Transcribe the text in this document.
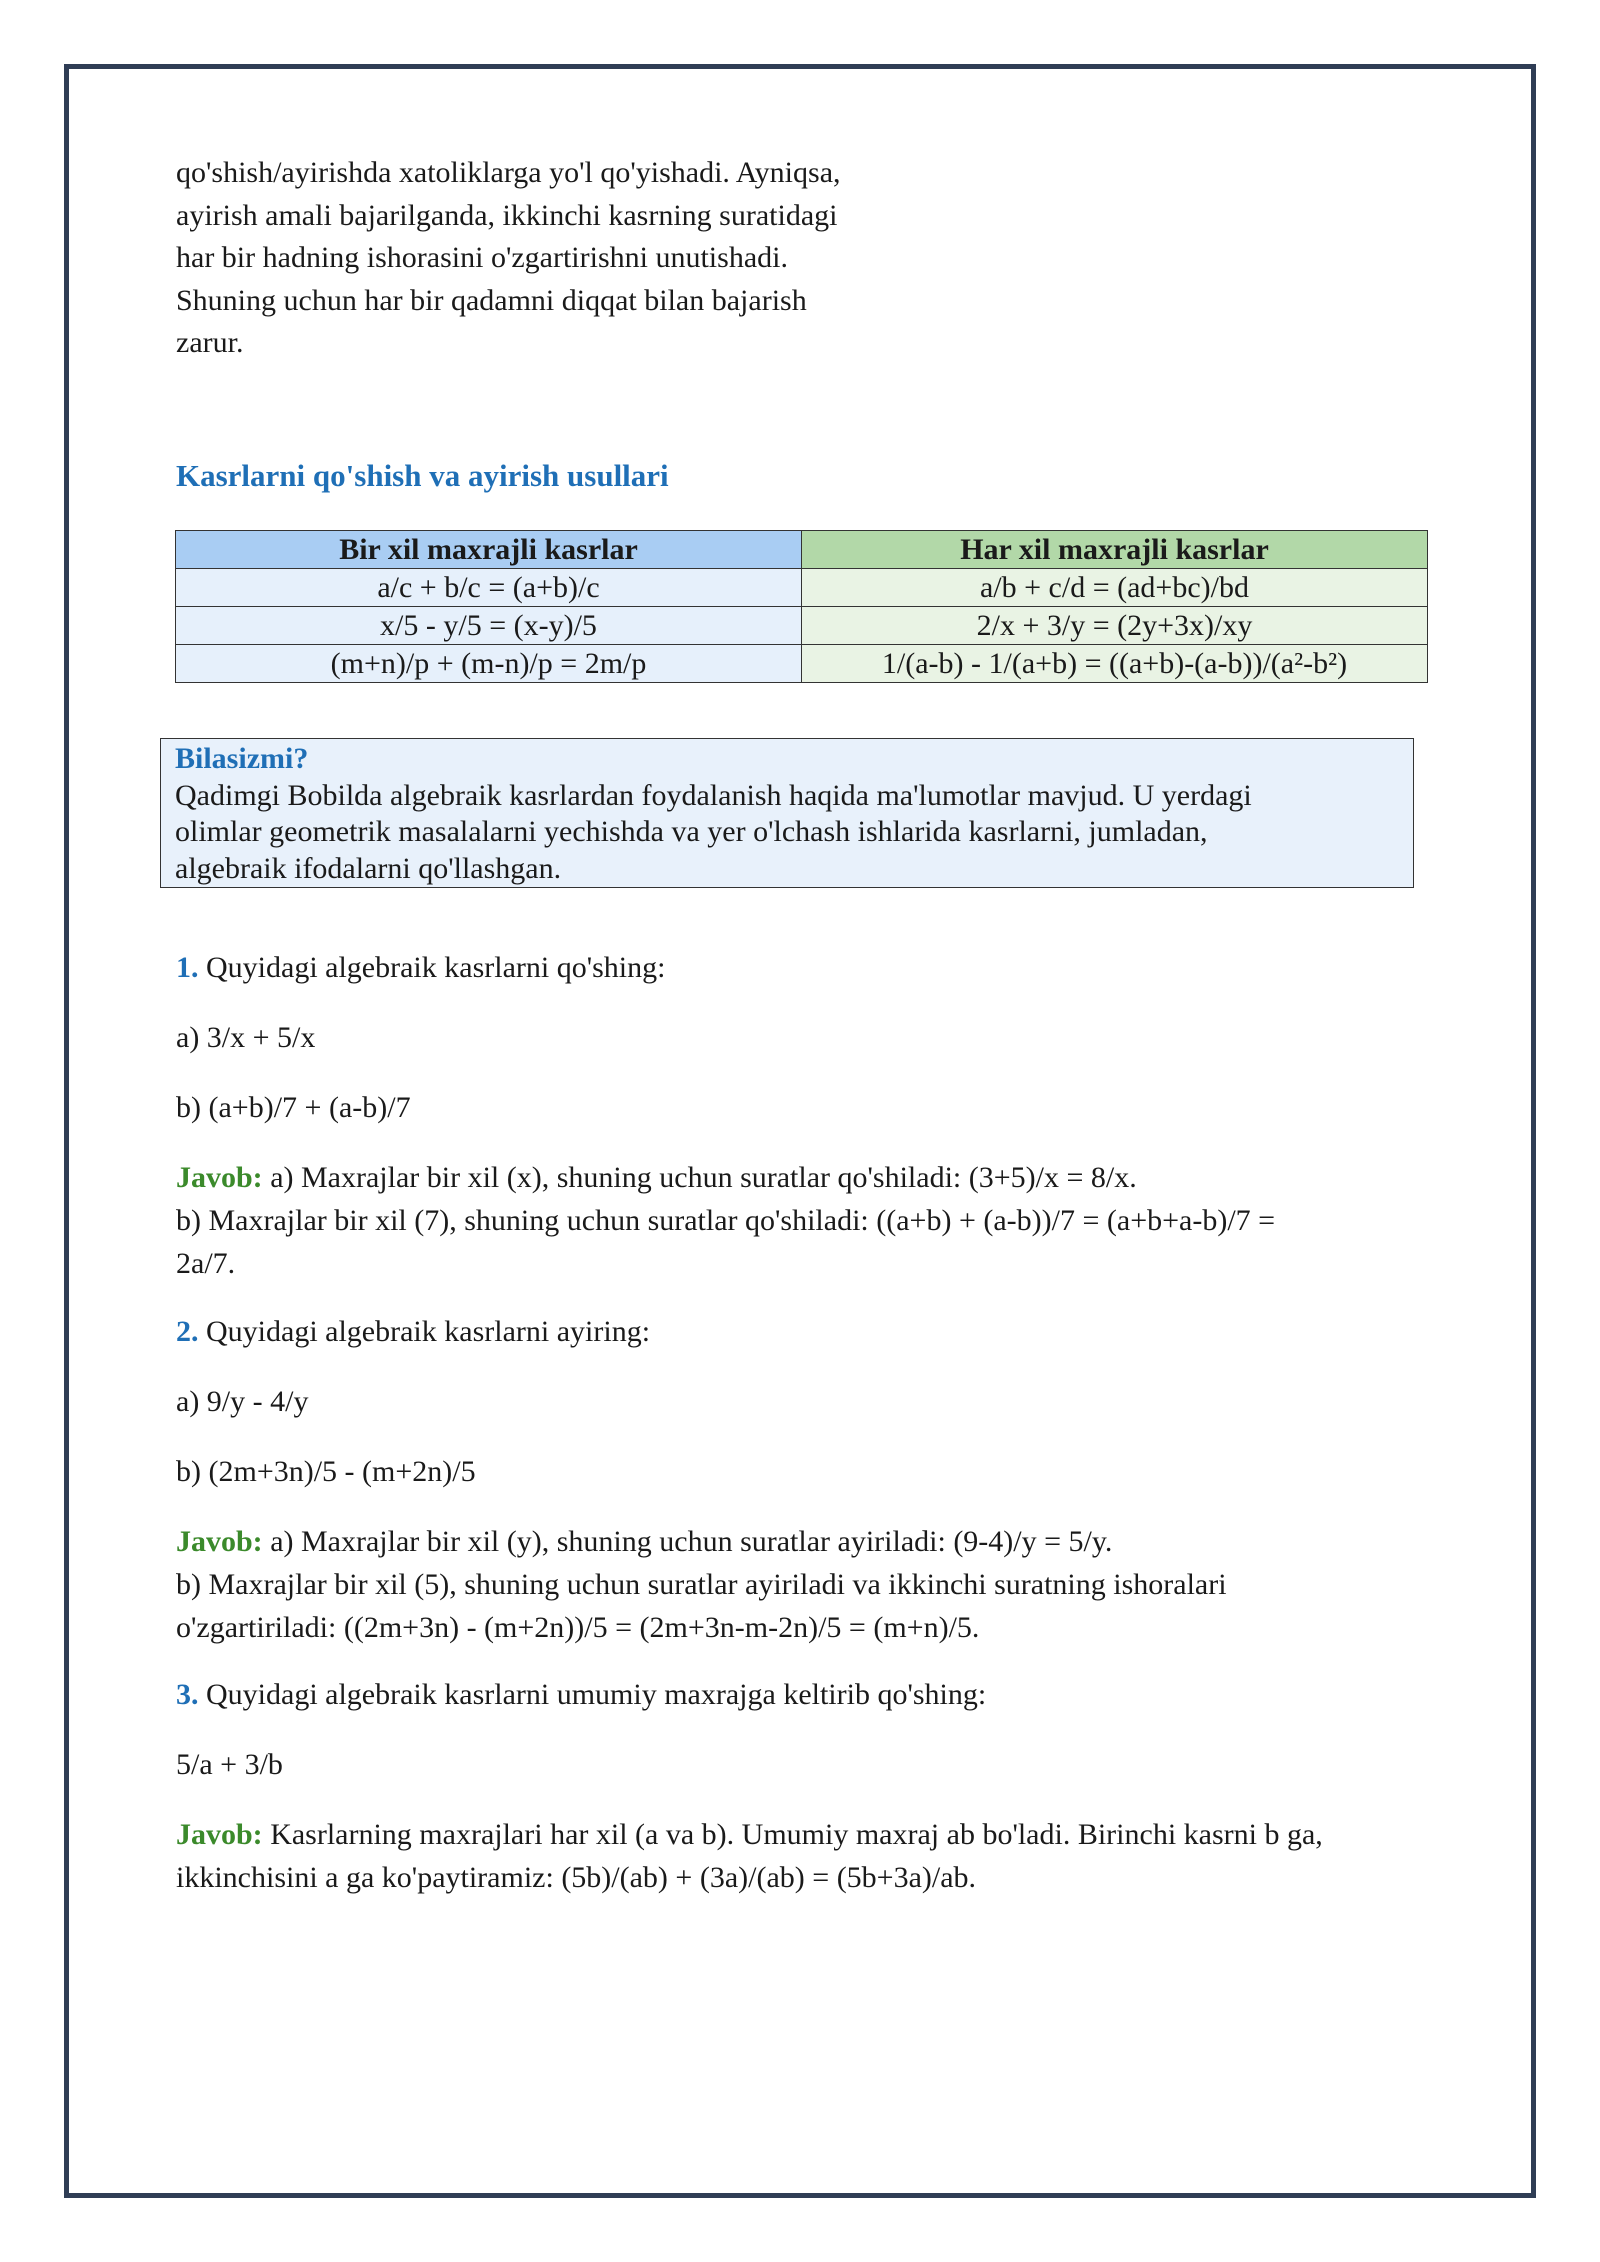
qo'shish/ayirishda xatoliklarga yo'l qo'yishadi. Ayniqsa,
ayirish amali bajarilganda, ikkinchi kasrning suratidagi
har bir hadning ishorasini o'zgartirishni unutishadi.
Shuning uchun har bir qadamni diqqat bilan bajarish
zarur.

Kasrlarni qo'shish va ayirish usullari
Bir xil maxrajli kasrlar	Har xil maxrajli kasrlar
a/c + b/c = (a+b)/c	a/b + c/d = (ad+bc)/bd
x/5 - y/5 = (x-y)/5	2/x + 3/y = (2y+3x)/xy
(m+n)/p + (m-n)/p = 2m/p	1/(a-b) - 1/(a+b) = ((a+b)-(a-b))/(a²-b²)
Bilasizmi?
Qadimgi Bobilda algebraik kasrlardan foydalanish haqida ma'lumotlar mavjud. U yerdagi
olimlar geometrik masalalarni yechishda va yer o'lchash ishlarida kasrlarni, jumladan,
algebraik ifodalarni qo'llashgan.

1. Quyidagi algebraik kasrlarni qo'shing:

a) 3/x + 5/x

b) (a+b)/7 + (a-b)/7

Javob: a) Maxrajlar bir xil (x), shuning uchun suratlar qo'shiladi: (3+5)/x = 8/x.
b) Maxrajlar bir xil (7), shuning uchun suratlar qo'shiladi: ((a+b) + (a-b))/7 = (a+b+a-b)/7 =
2a/7.

2. Quyidagi algebraik kasrlarni ayiring:

a) 9/y - 4/y

b) (2m+3n)/5 - (m+2n)/5

Javob: a) Maxrajlar bir xil (y), shuning uchun suratlar ayiriladi: (9-4)/y = 5/y.
b) Maxrajlar bir xil (5), shuning uchun suratlar ayiriladi va ikkinchi suratning ishoralari
o'zgartiriladi: ((2m+3n) - (m+2n))/5 = (2m+3n-m-2n)/5 = (m+n)/5.

3. Quyidagi algebraik kasrlarni umumiy maxrajga keltirib qo'shing:

5/a + 3/b

Javob: Kasrlarning maxrajlari har xil (a va b). Umumiy maxraj ab bo'ladi. Birinchi kasrni b ga,
ikkinchisini a ga ko'paytiramiz: (5b)/(ab) + (3a)/(ab) = (5b+3a)/ab.
